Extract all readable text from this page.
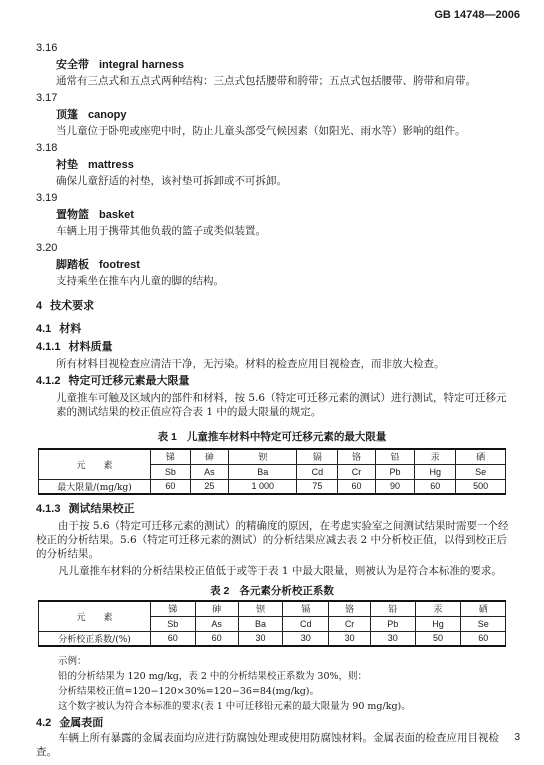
GB 14748—2006
3.16
安全带 integral harness
通常有三点式和五点式两种结构：三点式包括腰带和胯带；五点式包括腰带、胯带和肩带。
3.17
顶篷 canopy
当儿童位于卧兜或座兜中时，防止儿童头部受气候因素（如阳光、雨水等）影响的组件。
3.18
衬垫 mattress
确保儿童舒适的衬垫，该衬垫可拆卸或不可拆卸。
3.19
置物篮 basket
车辆上用于携带其他负载的篮子或类似装置。
3.20
脚踏板 footrest
支持乘坐在推车内儿童的脚的结构。
4 技术要求
4.1 材料
4.1.1 材料质量
所有材料目视检查应清洁干净，无污染。材料的检查应用目视检查，而非放大检查。
4.1.2 特定可迁移元素最大限量
儿童推车可触及区域内的部件和材料，按 5.6（特定可迁移元素的测试）进行测试，特定可迁移元素的测试结果的校正值应符合表 1 中的最大限量的规定。
表 1 儿童推车材料中特定可迁移元素的最大限量
元　　素	锑	砷	钡	镉	铬	铅	汞	硒
	Sb	As	Ba	Cd	Cr	Pb	Hg	Se
最大限量/(mg/kg)	60	25	1 000	75	60	90	60	500
4.1.3 测试结果校正
由于按 5.6（特定可迁移元素的测试）的精确度的原因，在考虑实验室之间测试结果时需要一个经校正的分析结果。5.6（特定可迁移元素的测试）的分析结果应减去表 2 中分析校正值，以得到校正后的分析结果。
凡儿童推车材料的分析结果校正值低于或等于表 1 中最大限量，则被认为是符合本标准的要求。
表 2 各元素分析校正系数
元　　素	锑	砷	钡	镉	铬	铅	汞	硒
	Sb	As	Ba	Cd	Cr	Pb	Hg	Se
分析校正系数/(%)	60	60	30	30	30	30	50	60
示例：
铅的分析结果为 120 mg/kg，表 2 中的分析结果校正系数为 30%，则：
分析结果校正值=120−120×30%=120−36=84(mg/kg)。
这个数字被认为符合本标准的要求(表 1 中可迁移铅元素的最大限量为 90 mg/kg)。
4.2 金属表面
车辆上所有暴露的金属表面均应进行防腐蚀处理或使用防腐蚀材料。金属表面的检查应用目视检查。
3
